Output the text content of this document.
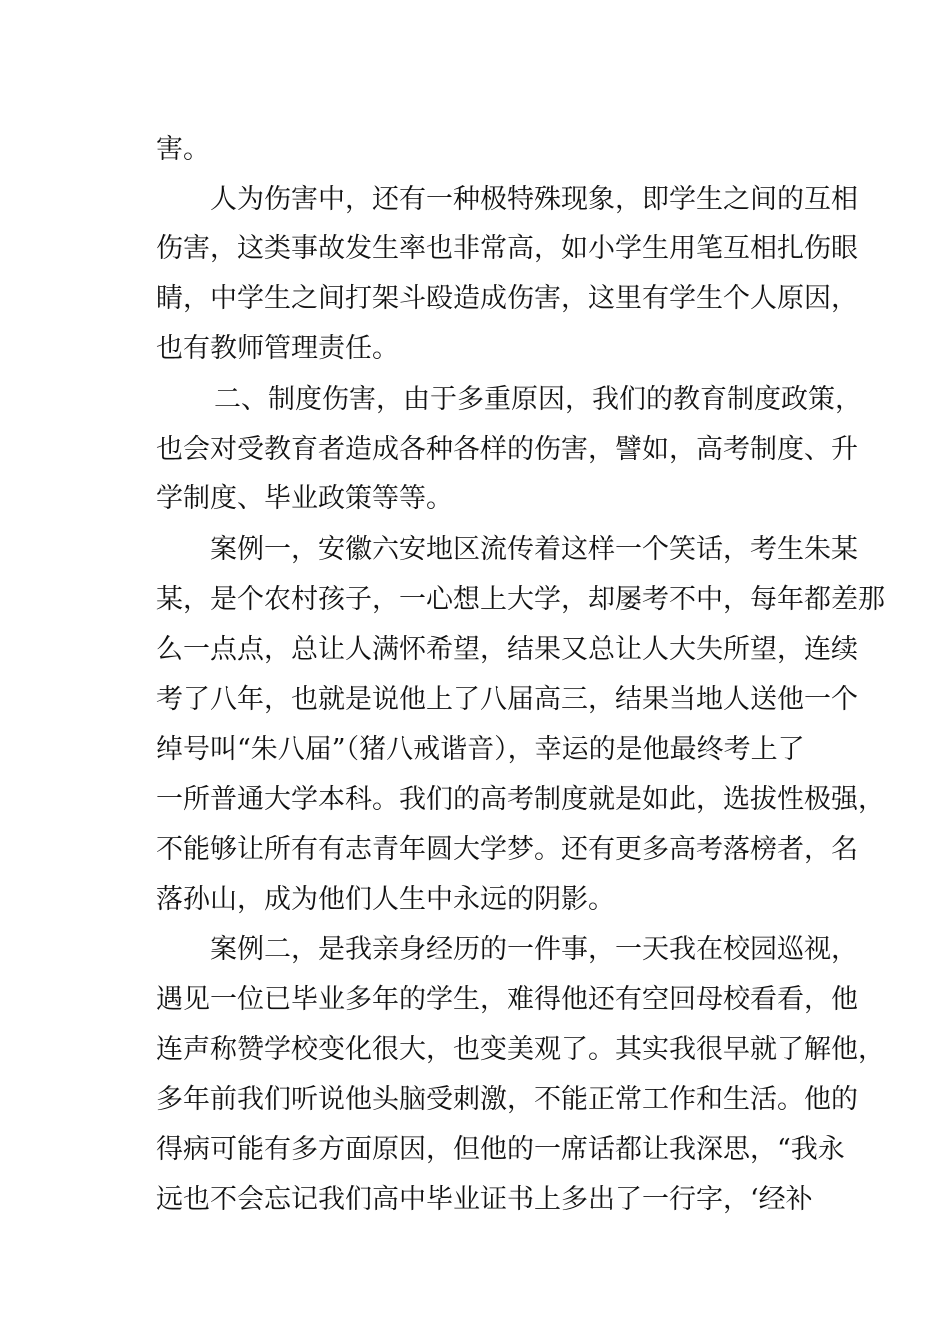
害。
人为伤害中，还有一种极特殊现象，即学生之间的互相
伤害，这类事故发生率也非常高，如小学生用笔互相扎伤眼
睛，中学生之间打架斗殴造成伤害，这里有学生个人原因，
也有教师管理责任。
二、制度伤害，由于多重原因，我们的教育制度政策，
也会对受教育者造成各种各样的伤害，譬如，高考制度、升
学制度、毕业政策等等。
案例一，安徽六安地区流传着这样一个笑话，考生朱某
某，是个农村孩子，一心想上大学，却屡考不中，每年都差那
么一点点，总让人满怀希望，结果又总让人大失所望，连续
考了八年，也就是说他上了八届高三，结果当地人送他一个
绰号叫“朱八届”（猪八戒谐音），幸运的是他最终考上了
一所普通大学本科。我们的高考制度就是如此，选拔性极强，
不能够让所有有志青年圆大学梦。还有更多高考落榜者，名
落孙山，成为他们人生中永远的阴影。
案例二，是我亲身经历的一件事，一天我在校园巡视，
遇见一位已毕业多年的学生，难得他还有空回母校看看，他
连声称赞学校变化很大，也变美观了。其实我很早就了解他，
多年前我们听说他头脑受刺激，不能正常工作和生活。他的
得病可能有多方面原因，但他的一席话都让我深思，“我永
远也不会忘记我们高中毕业证书上多出了一行字，‘经补
